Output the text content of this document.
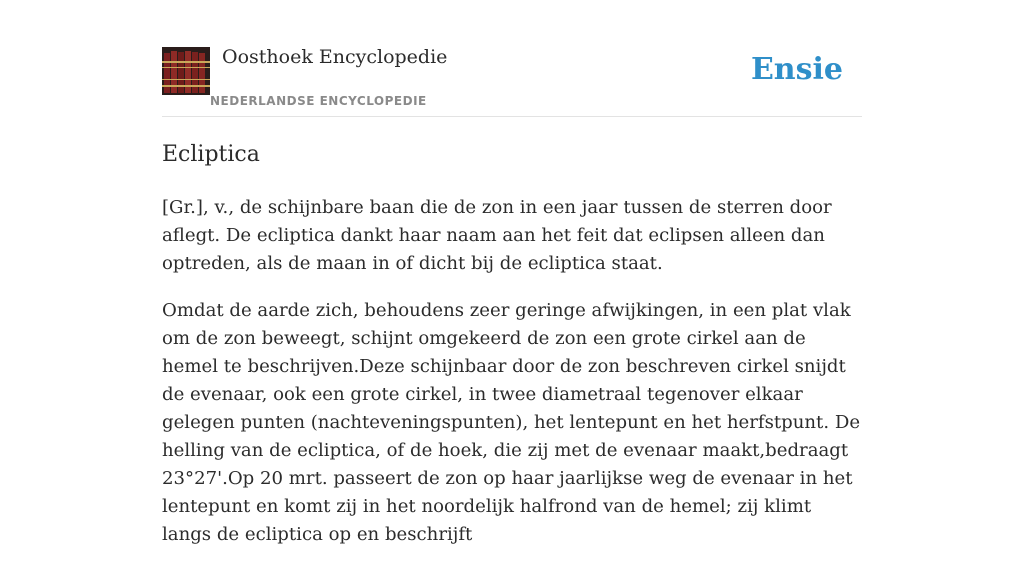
Oosthoek Encyclopedie
NEDERLANDSE ENCYCLOPEDIE
Ensie
Ecliptica

[Gr.], v., de schijnbare baan die de zon in een jaar tussen de sterren door aflegt. De ecliptica dankt haar naam aan het feit dat eclipsen alleen dan optreden, als de maan in of dicht bij de ecliptica staat.

Omdat de aarde zich, behoudens zeer geringe afwijkingen, in een plat vlak om de zon beweegt, schijnt omgekeerd de zon een grote cirkel aan de hemel te beschrijven.Deze schijnbaar door de zon beschreven cirkel snijdt de evenaar, ook een grote cirkel, in twee diametraal tegenover elkaar gelegen punten (nachteveningspunten), het lentepunt en het herfstpunt. De helling van de ecliptica, of de hoek, die zij met de evenaar maakt,bedraagt 23°27'.Op 20 mrt. passeert de zon op haar jaarlijkse weg de evenaar in het lentepunt en komt zij in het noordelijk halfrond van de hemel; zij klimt langs de ecliptica op en beschrijft
